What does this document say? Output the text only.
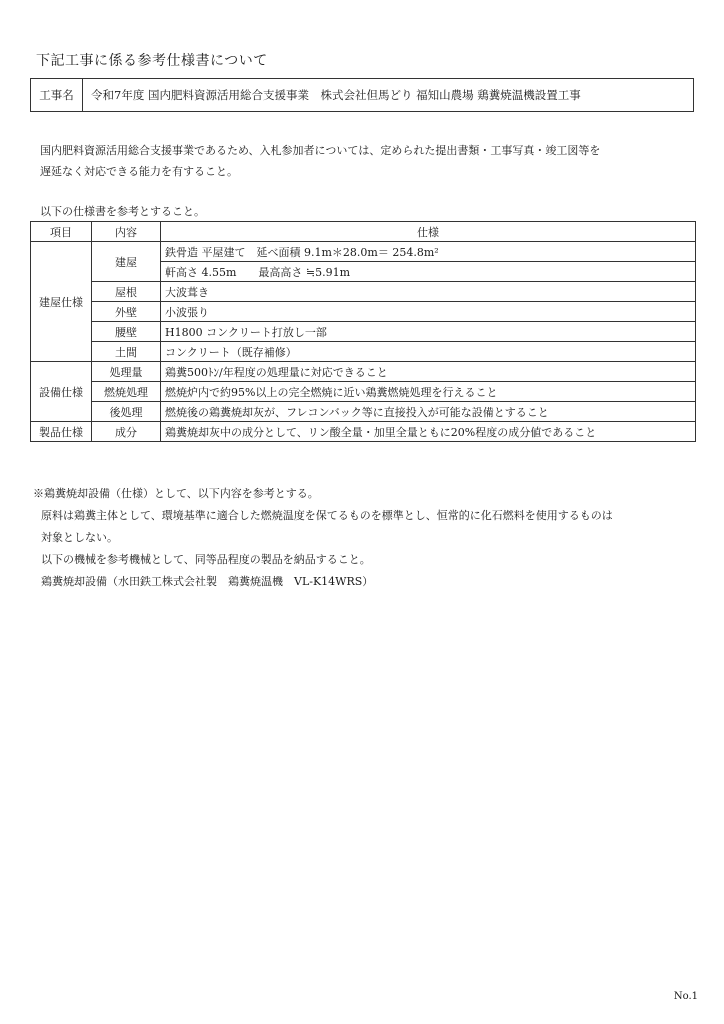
下記工事に係る参考仕様書について
工事名	令和7年度 国内肥料資源活用総合支援事業　株式会社但馬どり 福知山農場 鶏糞焼温機設置工事
国内肥料資源活用総合支援事業であるため、入札参加者については、定められた提出書類・工事写真・竣工図等を
遅延なく対応できる能力を有すること。
以下の仕様書を参考とすること。
項目	内容	仕様
建屋仕様	建屋	鉄骨造 平屋建て　延べ面積 9.1m＊28.0m＝ 254.8m²
		軒高さ 4.55m　　最高高さ ≒5.91m
	屋根	大波葺き
	外壁	小波張り
	腰壁	H1800 コンクリート打放し一部
	土間	コンクリート（既存補修）
設備仕様	処理量	鶏糞500ﾄﾝ/年程度の処理量に対応できること
	燃焼処理	燃焼炉内で約95%以上の完全燃焼に近い鶏糞燃焼処理を行えること
	後処理	燃焼後の鶏糞焼却灰が、フレコンバック等に直接投入が可能な設備とすること
製品仕様	成分	鶏糞焼却灰中の成分として、リン酸全量・加里全量ともに20%程度の成分値であること
※鶏糞焼却設備（仕様）として、以下内容を参考とする。
原料は鶏糞主体として、環境基準に適合した燃焼温度を保てるものを標準とし、恒常的に化石燃料を使用するものは
対象としない。
以下の機械を参考機械として、同等品程度の製品を納品すること。
鶏糞焼却設備（水田鉄工株式会社製　鶏糞焼温機　VL-K14WRS）
No.1
